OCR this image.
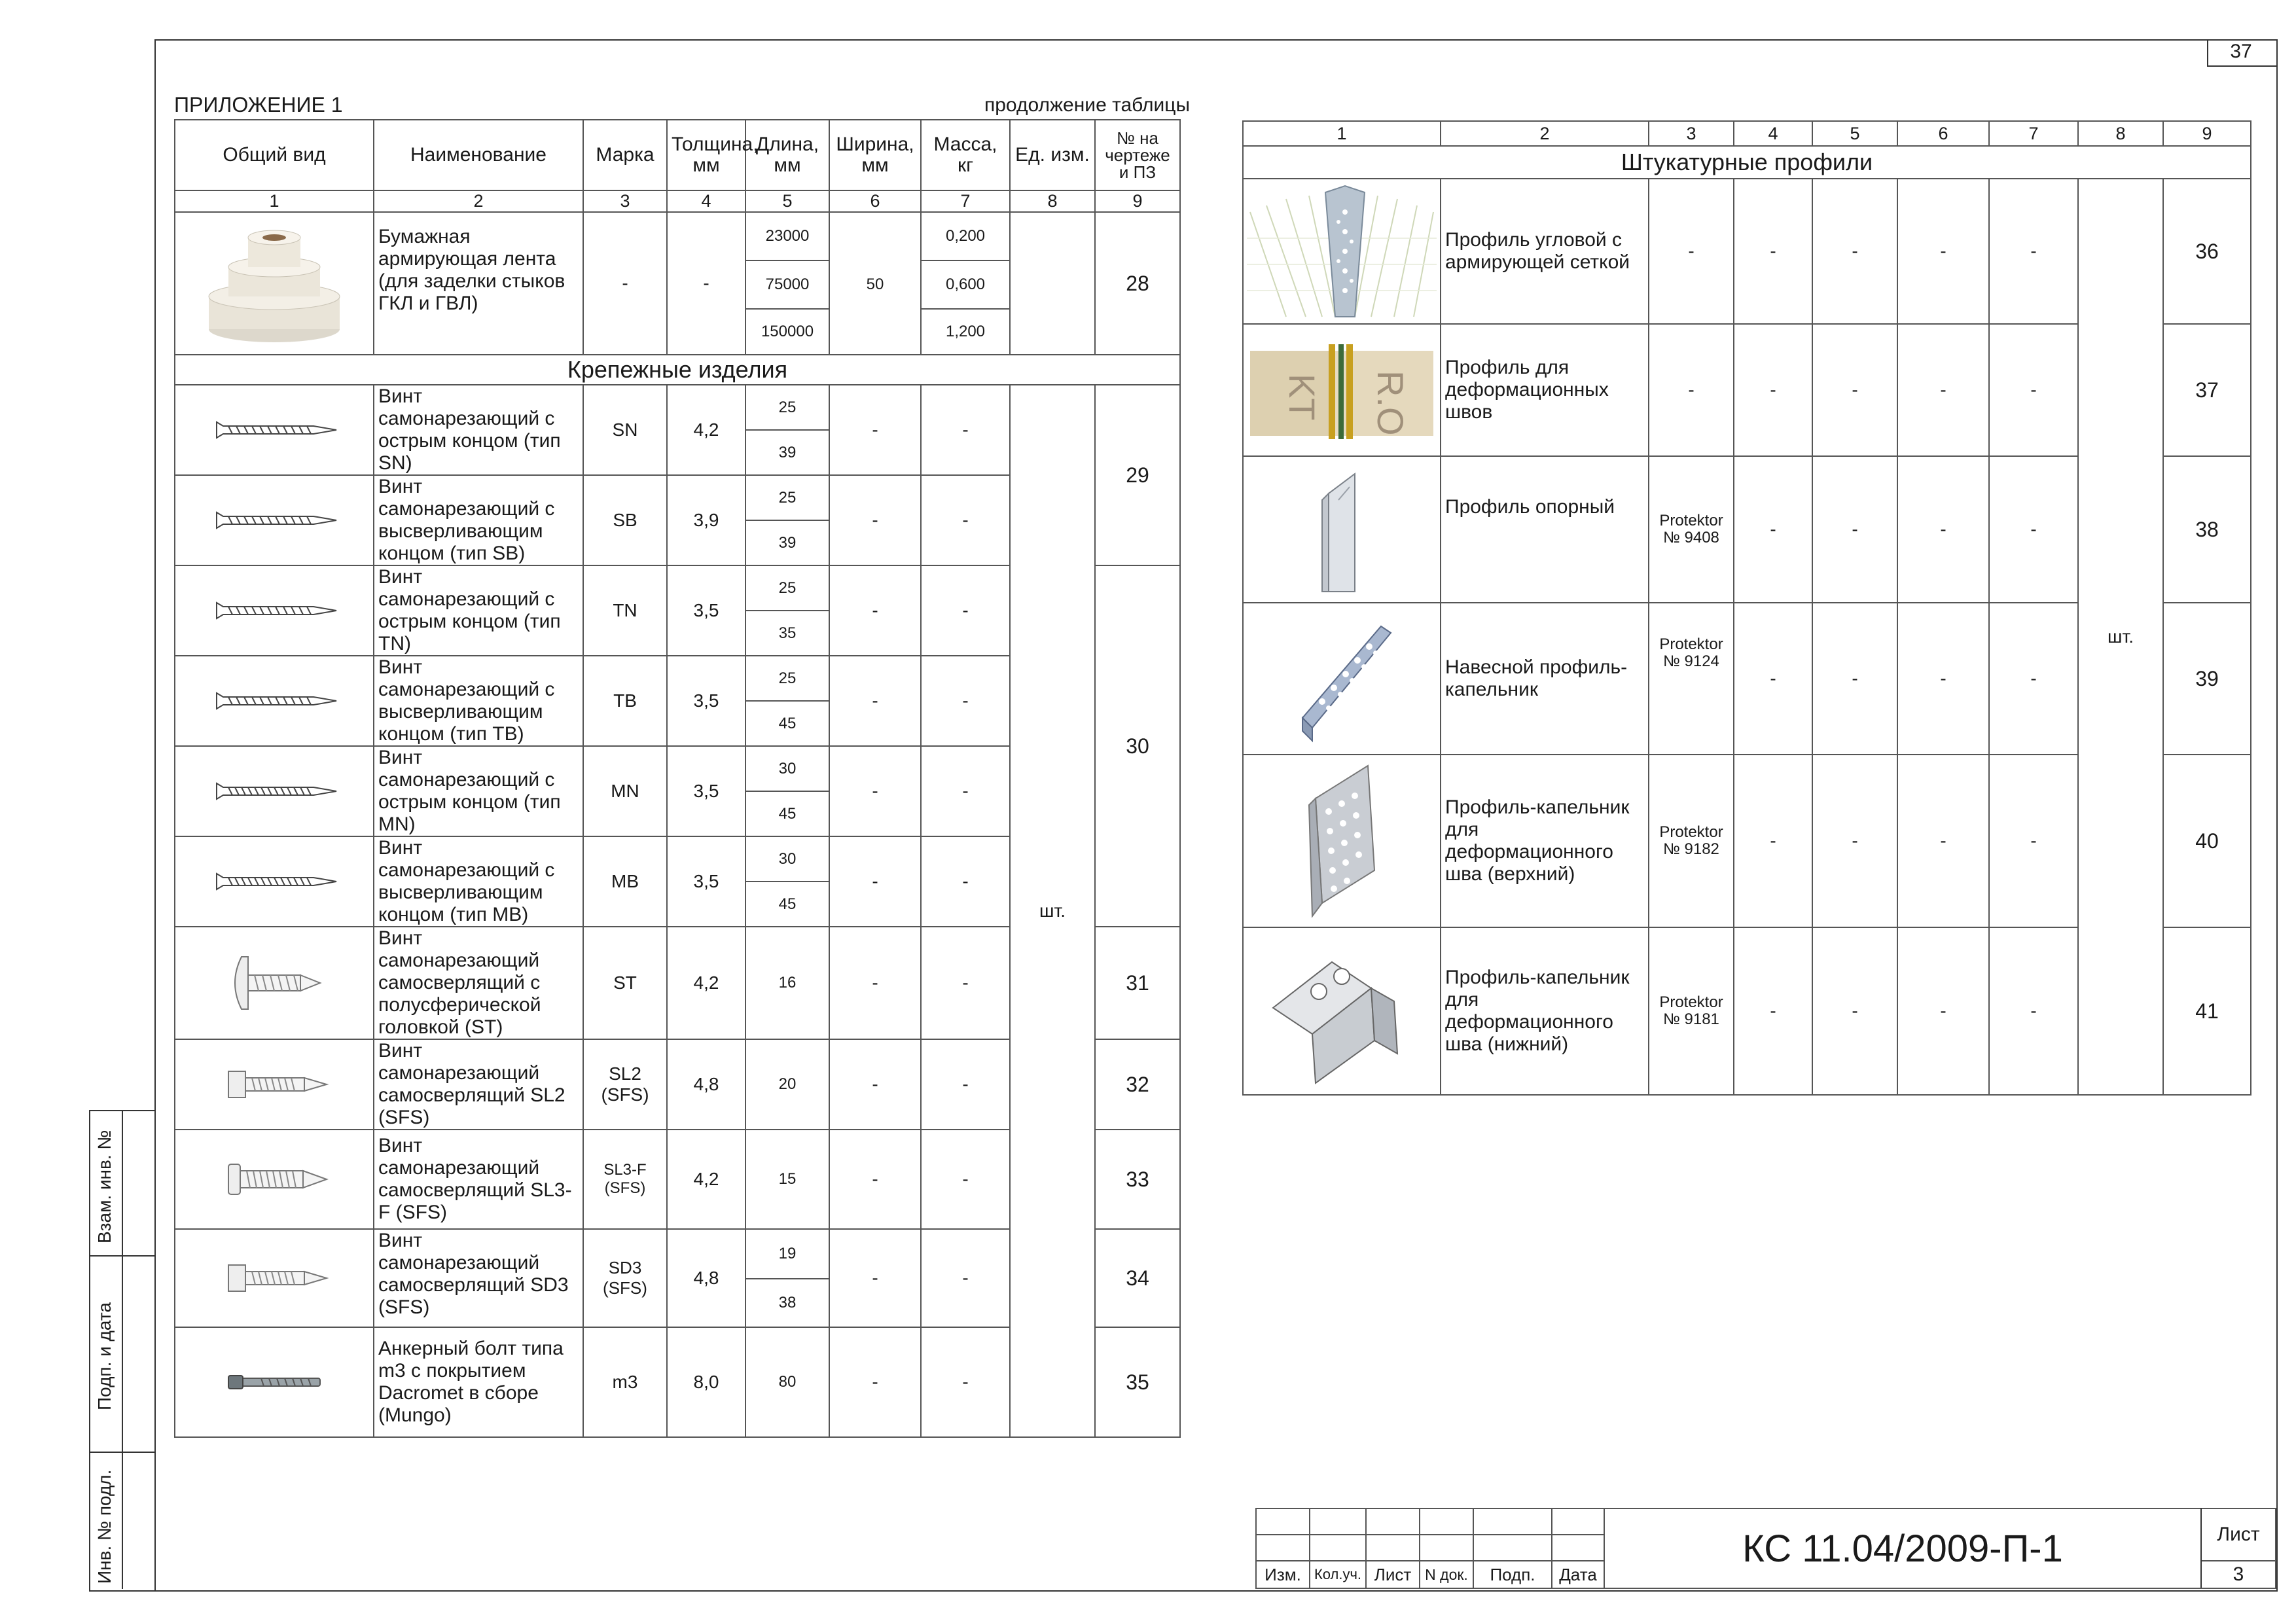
37
ПРИЛОЖЕНИЕ 1	продолжение таблицы
Общий вид	Наименование	Марка	Толщина, мм	Длина, мм	Ширина, мм	Масса, кг	Ед. изм.	№ на чертеже и ПЗ
1	2	3	4	5	6	7	8	9

	Бумажная армирующая лента (для заделки стыков ГКЛ и ГВЛ)	-	-	23000		0,200		28
				75000	50	0,600		
				150000		1,200		
Крепежные изделия								

	Винт самонарезающий с острым концом (тип SN)	SN	4,2	25	-	-	шт.	29
				39				

	Винт самонарезающий с высверливающим концом (тип SB)	SB	3,9	25	-	-		
				39				

	Винт самонарезающий с острым концом (тип TN)	TN	3,5	25	-	-		30
				35				

	Винт самонарезающий с высверливающим концом (тип TB)	TB	3,5	25	-	-		
				45				

	Винт самонарезающий с острым концом (тип MN)	MN	3,5	30	-	-		
				45				

	Винт самонарезающий с высверливающим концом (тип MB)	MB	3,5	30	-	-		
				45				

	Винт самонарезающий самосверлящий с полусферической головкой (ST)	ST	4,2	16	-	-		31

	Винт самонарезающий самосверлящий SL2 (SFS)	SL2 (SFS)	4,8	20	-	-		32

	Винт самонарезающий самосверлящий SL3-F (SFS)	SL3-F (SFS)	4,2	15	-	-		33

	Винт самонарезающий самосверлящий SD3 (SFS)	SD3 (SFS)	4,8	19	-	-		34
				38				

	Анкерный болт типа m3 с покрытием Dacromet в сборе (Mungo)	m3	8,0	80	-	-		35
1	2	3	4	5	6	7	8	9
Штукатурные профили								

	Профиль угловой с армирующей сеткой	-	-	-	-	-	шт.	36

KT R.O	Профиль для деформационных швов	-	-	-	-	-		37

	Профиль опорный	Protektor № 9408	-	-	-	-		38

	Навесной профиль-капельник	Protektor № 9124	-	-	-	-		39

	Профиль-капельник для деформационного шва (верхний)	Protektor № 9182	-	-	-	-		40

	Профиль-капельник для деформационного шва (нижний)	Protektor № 9181	-	-	-	-		41
Взам. инв. №
Подп. и дата
Инв. № подл.
							КС 11.04/2009-П-1	Лист

Изм.	Кол.уч.	Лист	N док.	Подп.	Дата		3
